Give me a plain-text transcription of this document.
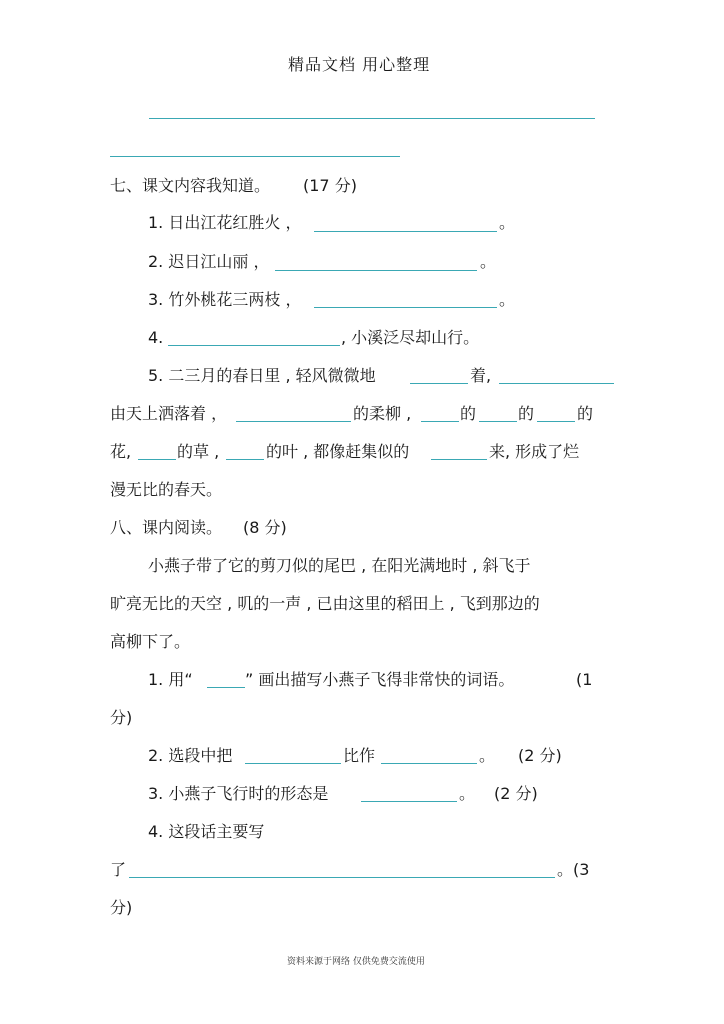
精品文档 用心整理
七、课文内容我知道。 (17 分)
1. 日出江花红胜火 ，	。
2. 迟日江山丽 ，	。
3. 竹外桃花三两枝 ，	。
4.	, 小溪泛尽却山行。
5. 二三月的春日里 , 轻风微微地	着,
由天上洒落着 ，	的柔柳 ,	的	的	的
花,	的草 ,	的叶 , 都像赶集似的	来, 形成了烂
漫无比的春天。
八、课内阅读。 (8 分)
小燕子带了它的剪刀似的尾巴 , 在阳光满地时 , 斜飞于
旷亮无比的天空 , 叽的一声 , 已由这里的稻田上 , 飞到那边的
高柳下了。
1. 用“	” 画出描写小燕子飞得非常快的词语。	(1
分)
2. 选段中把	比作	。 (2 分)
3. 小燕子飞行时的形态是	。 (2 分)
4. 这段话主要写
了	。(3
分)
资料来源于网络 仅供免费交流使用
